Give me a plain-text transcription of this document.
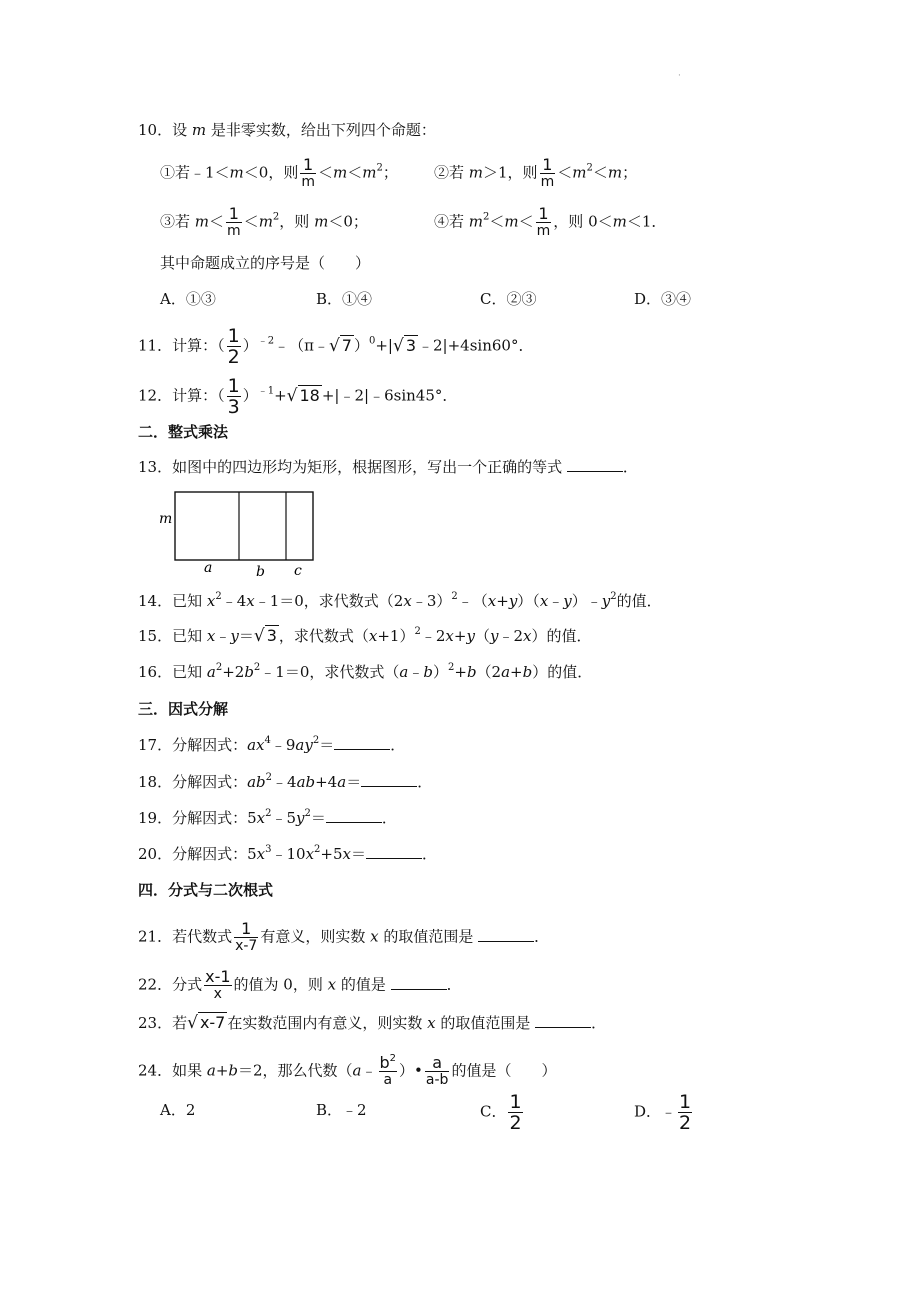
·
10．设 m 是非零实数，给出下列四个命题：
①若﹣1＜m＜0，则 $\frac{1}{m} <m<m^2$； ②若 m＞1，则 $\frac{1}{m} <m^2<m$；
③若 $m< \frac{1}{m} <m^2$，则 m＜0；	④若 $m^2<m< \frac{1}{m}$ ，则 0＜m＜1．
其中命题成立的序号是（　　）
A．①③	B．①④	C．②③	D．③④
11．计算：（ $\frac{1}{2}$ ）$^{﹣2}$﹣（π﹣√ 7 ）$^0$+|√ 3 ﹣2|+4sin60°．
12．计算：（ $\frac{1}{3} )^{﹣1}+√$ 18 +|﹣2|﹣6sin45°．
二．整式乘法
13．如图中的四边形均为矩形，根据图形，写出一个正确的等式	．
m
a	b c
14．已知 $x^2﹣4x﹣1=0$，求代数式$(2x﹣3)^2﹣(x+y)(x﹣y)﹣y^2$的值．
15．已知 x﹣y＝√ 3 ，求代数式$(x+1)^2﹣2x+y(y﹣2x)$的值．
16．已知 $a^2+2b^2﹣1=0$，求代数式（a﹣b）$^2$+b（2a+b）的值．
三．因式分解
17．分解因式：$ax^4﹣9ay^2=$	．
18．分解因式：$ab^2﹣4ab+4a=$	．
19．分解因式：$5x^2﹣5y^2=$	．
20．分解因式：$5x^3﹣10x^2+5x=$	．
四．分式与二次根式
21．若代数式 $\frac{1}{x-7}$ 有意义，则实数 x 的取值范围是	．
22．分式 $\frac{x-1}{x}$ 的值为 0，则 x 的值是	．
23．若√ x-7 在实数范围内有意义，则实数 x 的取值范围是	．
24．如果 a+b＝2，那么代数（a﹣ $\frac{b^2}{a}$ ）• $\frac{a}{a-b}$ 的值是（　　）
A．2	B．﹣2	C． $\frac{1}{2}$	D．﹣ $\frac{1}{2}$
